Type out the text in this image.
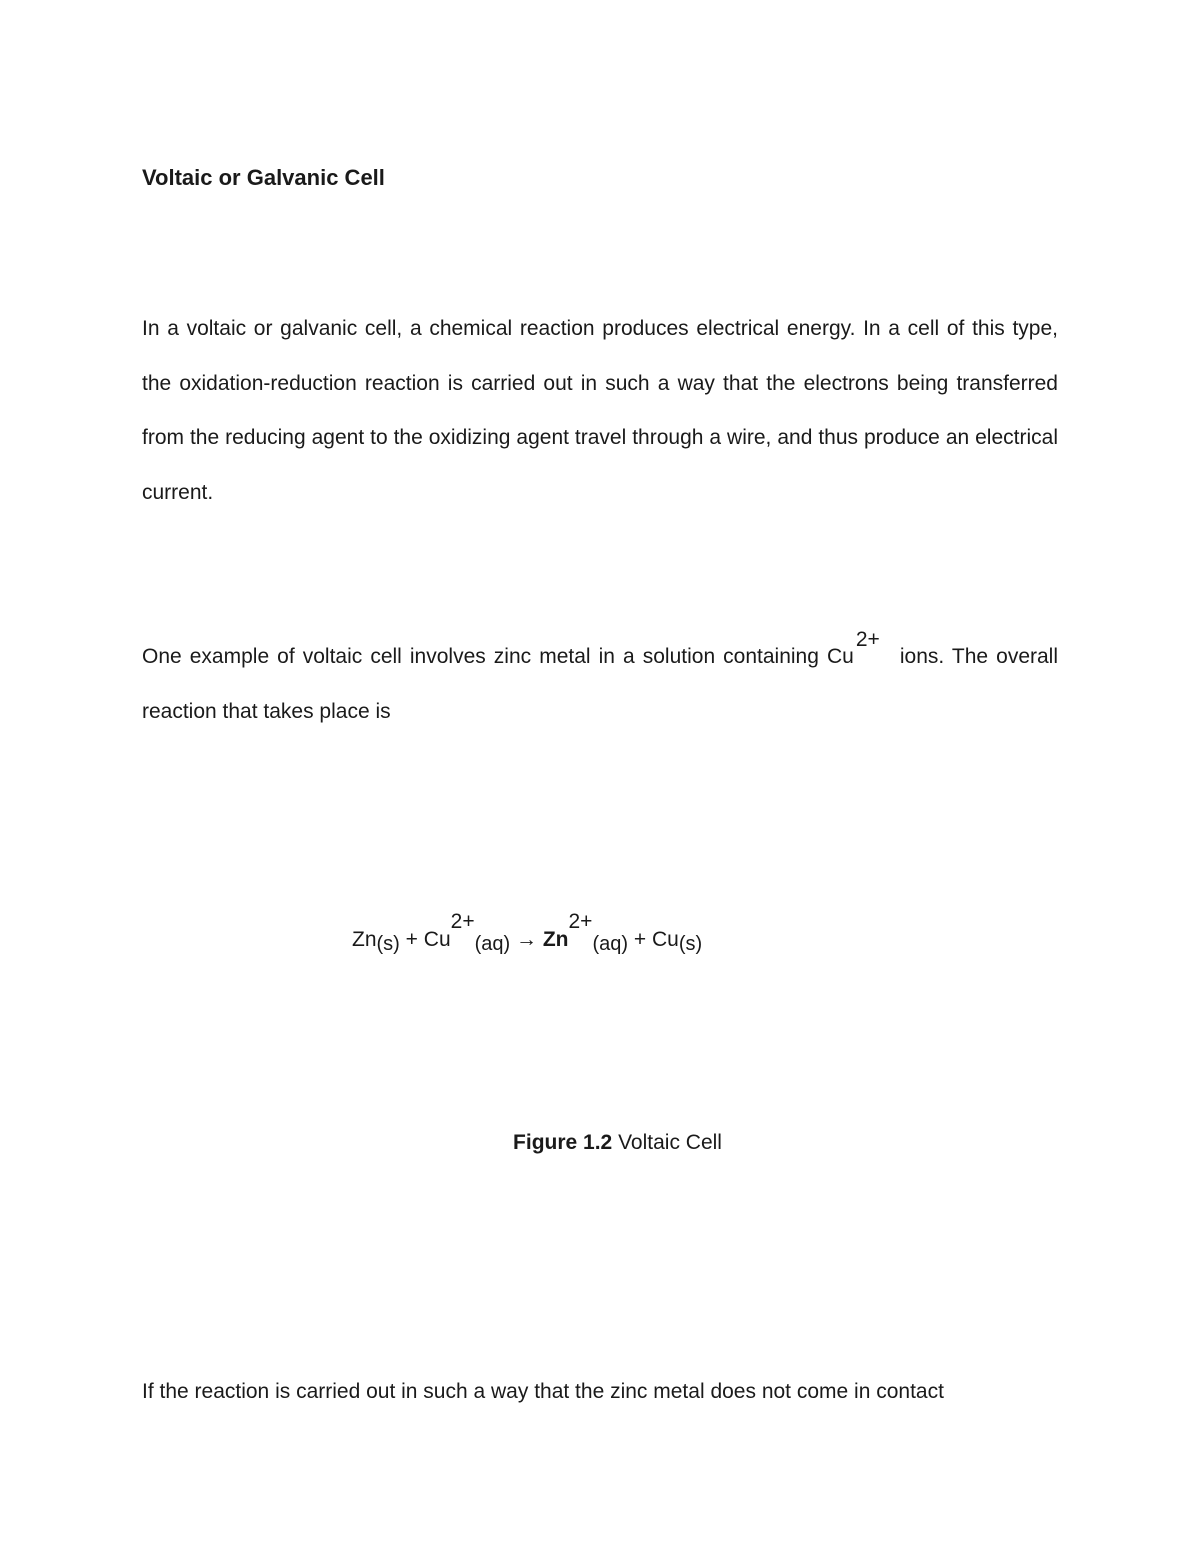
Voltaic or Galvanic Cell

In a voltaic or galvanic cell, a chemical reaction produces electrical energy. In a cell of this type, the oxidation-reduction reaction is carried out in such a way that the electrons being transferred from the reducing agent to the oxidizing agent travel through a wire, and thus produce an electrical current.

One example of voltaic cell involves zinc metal in a solution containing Cu
2+
ions. The overall reaction that takes place is

Zn(s) + Cu2+(aq) → Zn2+(aq) + Cu(s)

Figure 1.2 Voltaic Cell

If the reaction is carried out in such a way that the zinc metal does not come in contact
